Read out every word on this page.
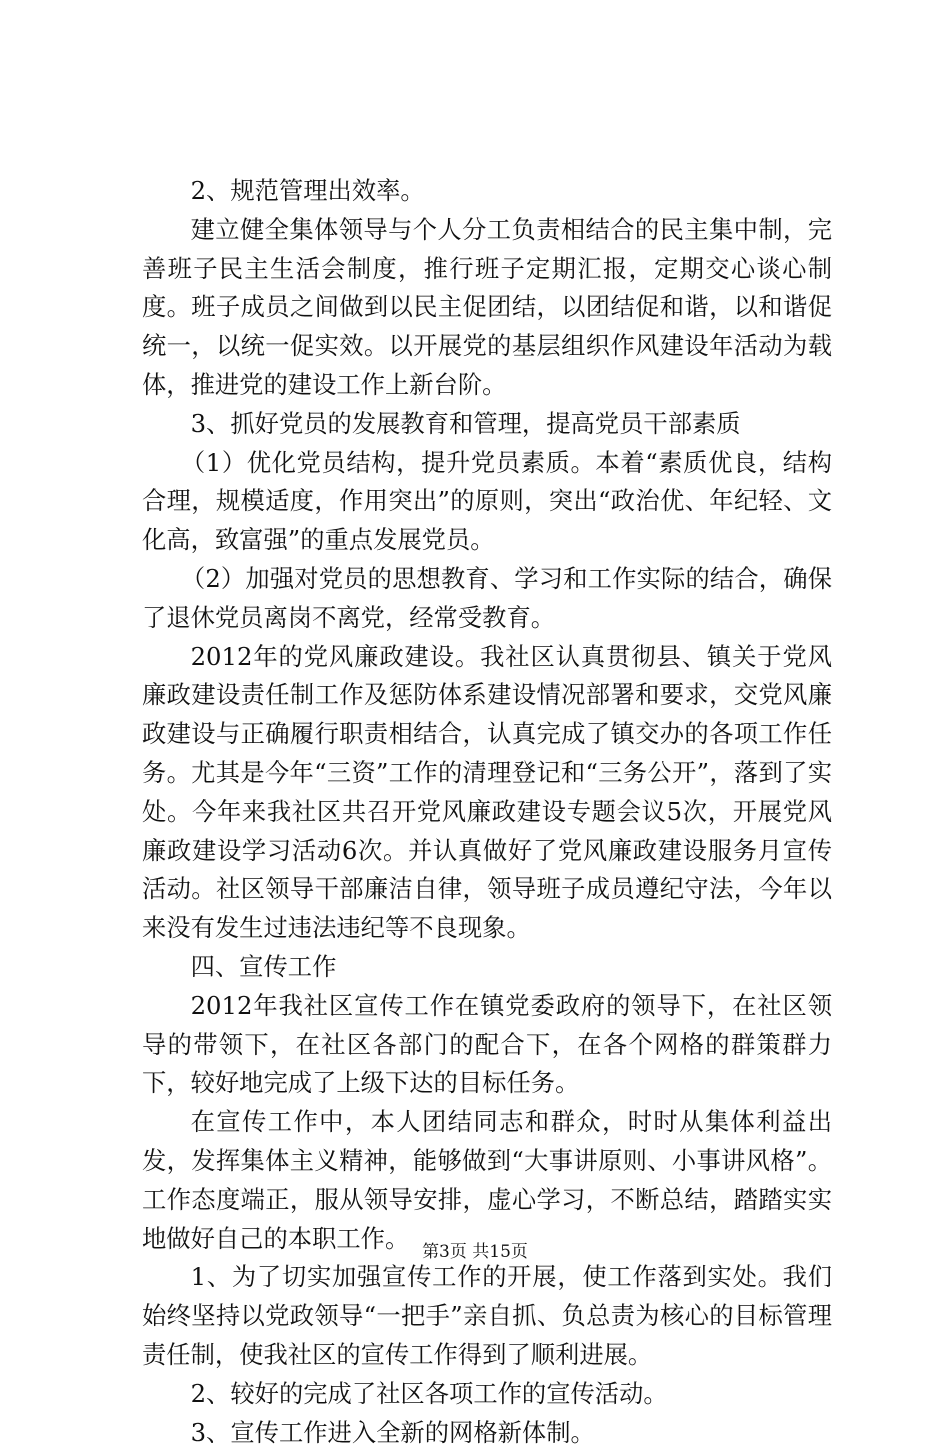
2、规范管理出效率。

建立健全集体领导与个人分工负责相结合的民主集中制，完善班子民主生活会制度，推行班子定期汇报，定期交心谈心制度。班子成员之间做到以民主促团结，以团结促和谐，以和谐促统一，以统一促实效。以开展党的基层组织作风建设年活动为载体，推进党的建设工作上新台阶。

3、抓好党员的发展教育和管理，提高党员干部素质

（1）优化党员结构，提升党员素质。本着“素质优良，结构合理，规模适度，作用突出”的原则，突出“政治优、年纪轻、文化高，致富强”的重点发展党员。

（2）加强对党员的思想教育、学习和工作实际的结合，确保了退休党员离岗不离党，经常受教育。

2012年的党风廉政建设。我社区认真贯彻县、镇关于党风廉政建设责任制工作及惩防体系建设情况部署和要求，交党风廉政建设与正确履行职责相结合，认真完成了镇交办的各项工作任务。尤其是今年“三资”工作的清理登记和“三务公开”，落到了实处。今年来我社区共召开党风廉政建设专题会议5次，开展党风廉政建设学习活动6次。并认真做好了党风廉政建设服务月宣传活动。社区领导干部廉洁自律，领导班子成员遵纪守法，今年以来没有发生过违法违纪等不良现象。

四、宣传工作

2012年我社区宣传工作在镇党委政府的领导下，在社区领导的带领下，在社区各部门的配合下，在各个网格的群策群力下，较好地完成了上级下达的目标任务。

在宣传工作中，本人团结同志和群众，时时从集体利益出发，发挥集体主义精神，能够做到“大事讲原则、小事讲风格”。工作态度端正，服从领导安排，虚心学习，不断总结，踏踏实实地做好自己的本职工作。

1、为了切实加强宣传工作的开展，使工作落到实处。我们始终坚持以党政领导“一把手”亲自抓、负总责为核心的目标管理责任制，使我社区的宣传工作得到了顺利进展。

2、较好的完成了社区各项工作的宣传活动。

3、宣传工作进入全新的网格新体制。

第3页 共15页
